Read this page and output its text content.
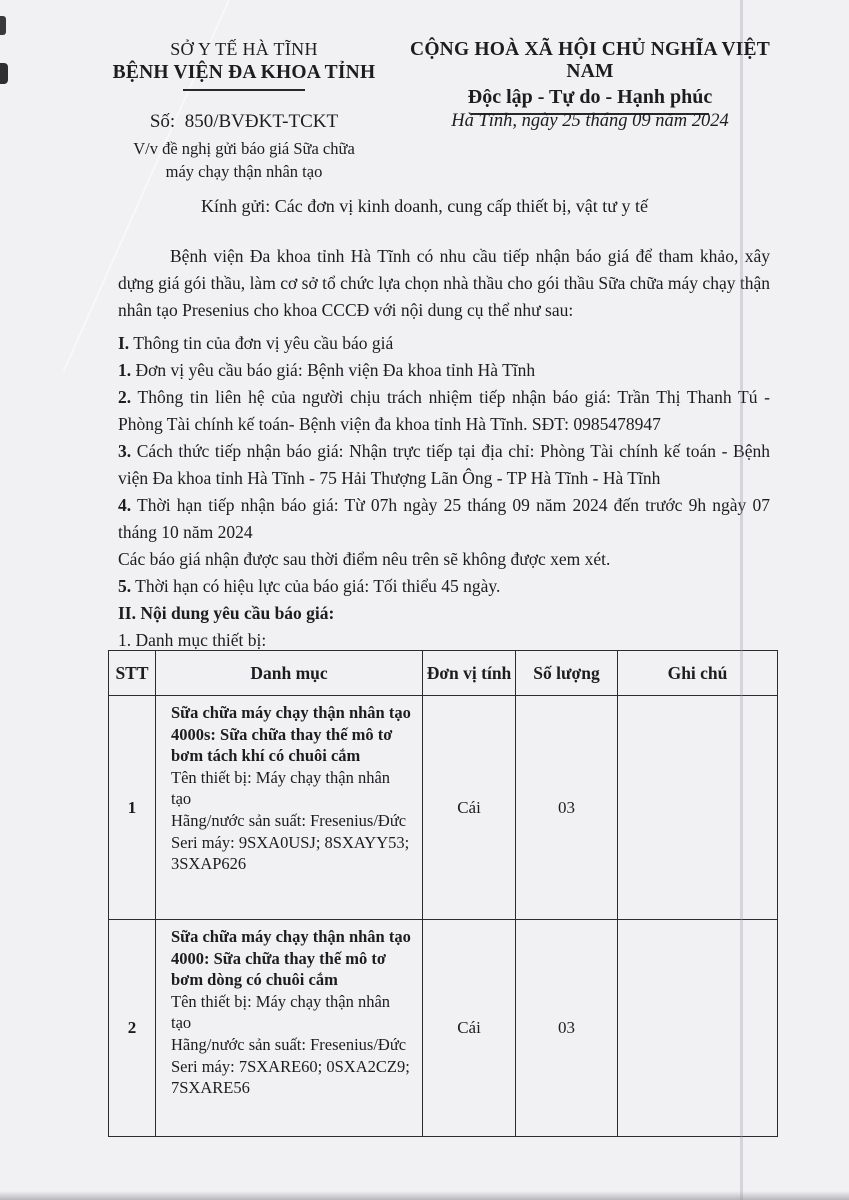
SỞ Y TẾ HÀ TĨNH
BỆNH VIỆN ĐA KHOA TỈNH
CỘNG HOÀ XÃ HỘI CHỦ NGHĨA VIỆT NAM
Độc lập - Tự do - Hạnh phúc
Số:  850/BVĐKT-TCKT
V/v đề nghị gửi báo giá Sữa chữa
máy chạy thận nhân tạo
Hà Tĩnh, ngày 25 tháng 09 năm 2024
Kính gửi: Các đơn vị kinh doanh, cung cấp thiết bị, vật tư y tế

Bệnh viện Đa khoa tỉnh Hà Tĩnh có nhu cầu tiếp nhận báo giá để tham khảo, xây dựng giá gói thầu, làm cơ sở tổ chức lựa chọn nhà thầu cho gói thầu Sữa chữa máy chạy thận nhân tạo Presenius cho khoa CCCĐ với nội dung cụ thể như sau:

I. Thông tin của đơn vị yêu cầu báo giá

1. Đơn vị yêu cầu báo giá: Bệnh viện Đa khoa tỉnh Hà Tĩnh

2. Thông tin liên hệ của người chịu trách nhiệm tiếp nhận báo giá: Trần Thị Thanh Tú - Phòng Tài chính kế toán- Bệnh viện đa khoa tỉnh Hà Tĩnh. SĐT: 0985478947

3. Cách thức tiếp nhận báo giá: Nhận trực tiếp tại địa chỉ: Phòng Tài chính kế toán - Bệnh viện Đa khoa tỉnh Hà Tĩnh - 75 Hải Thượng Lãn Ông - TP Hà Tĩnh - Hà Tĩnh

4. Thời hạn tiếp nhận báo giá: Từ 07h ngày 25 tháng 09 năm 2024 đến trước 9h ngày 07 tháng 10 năm 2024

Các báo giá nhận được sau thời điểm nêu trên sẽ không được xem xét.

5. Thời hạn có hiệu lực của báo giá: Tối thiểu 45 ngày.

II. Nội dung yêu cầu báo giá:

1. Danh mục thiết bị:

STT	Danh mục	Đơn vị tính	Số lượng	Ghi chú
1	Sữa chữa máy chạy thận nhân tạo 4000s: Sữa chữa thay thế mô tơ bơm tách khí có chuôi cắm
Tên thiết bị: Máy chạy thận nhân tạo
Hãng/nước sản suất: Fresenius/Đức
Seri máy: 9SXA0USJ; 8SXAYY53; 3SXAP626	Cái	03	
2	Sữa chữa máy chạy thận nhân tạo 4000: Sữa chữa thay thế mô tơ bơm dòng có chuôi cắm
Tên thiết bị: Máy chạy thận nhân tạo
Hãng/nước sản suất: Fresenius/Đức
Seri máy: 7SXARE60; 0SXA2CZ9; 7SXARE56	Cái	03	
